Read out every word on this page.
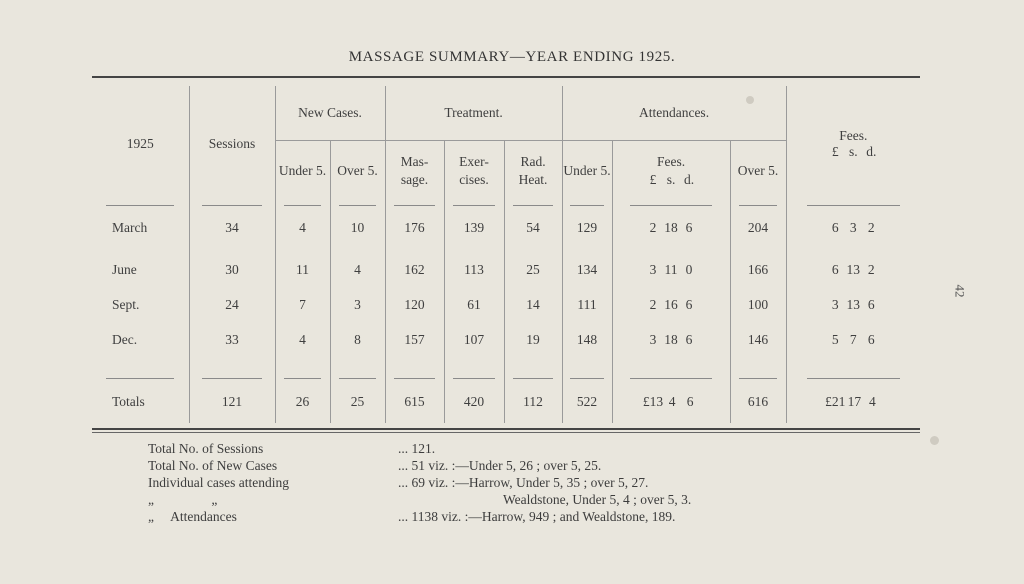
MASSAGE SUMMARY—YEAR ENDING 1925.
42
1925	Sessions	New Cases.		Treatment.			Attendances.			Fees.
£ s. d.

		Under 5.	Over 5.	Mas- sage.	Exer- cises.	Rad. Heat.	Under 5.	Fees.
£ s. d.	Over 5.	

March	34	4	10	176	139	54	129	2 18 6	204	6 3 2
June	30	11	4	162	113	25	134	3 11 0	166	6 13 2
Sept.	24	7	3	120	61	14	111	2 16 6	100	3 13 6
Dec.	33	4	8	157	107	19	148	3 18 6	146	5 7 6

Totals	121	26	25	615	420	112	522	£13 4 6	616	£21 17 4
Total No. of Sessions	... 121.
Total No. of New Cases	... 51 viz. :—Under 5, 26 ; over 5, 25.
Individual cases attending	... 69 viz. :—Harrow, Under 5, 35 ; over 5, 27.
„                 „	Wealdstone, Under 5, 4 ; over 5, 3.
„     Attendances	... 1138 viz. :—Harrow, 949 ; and Wealdstone, 189.
